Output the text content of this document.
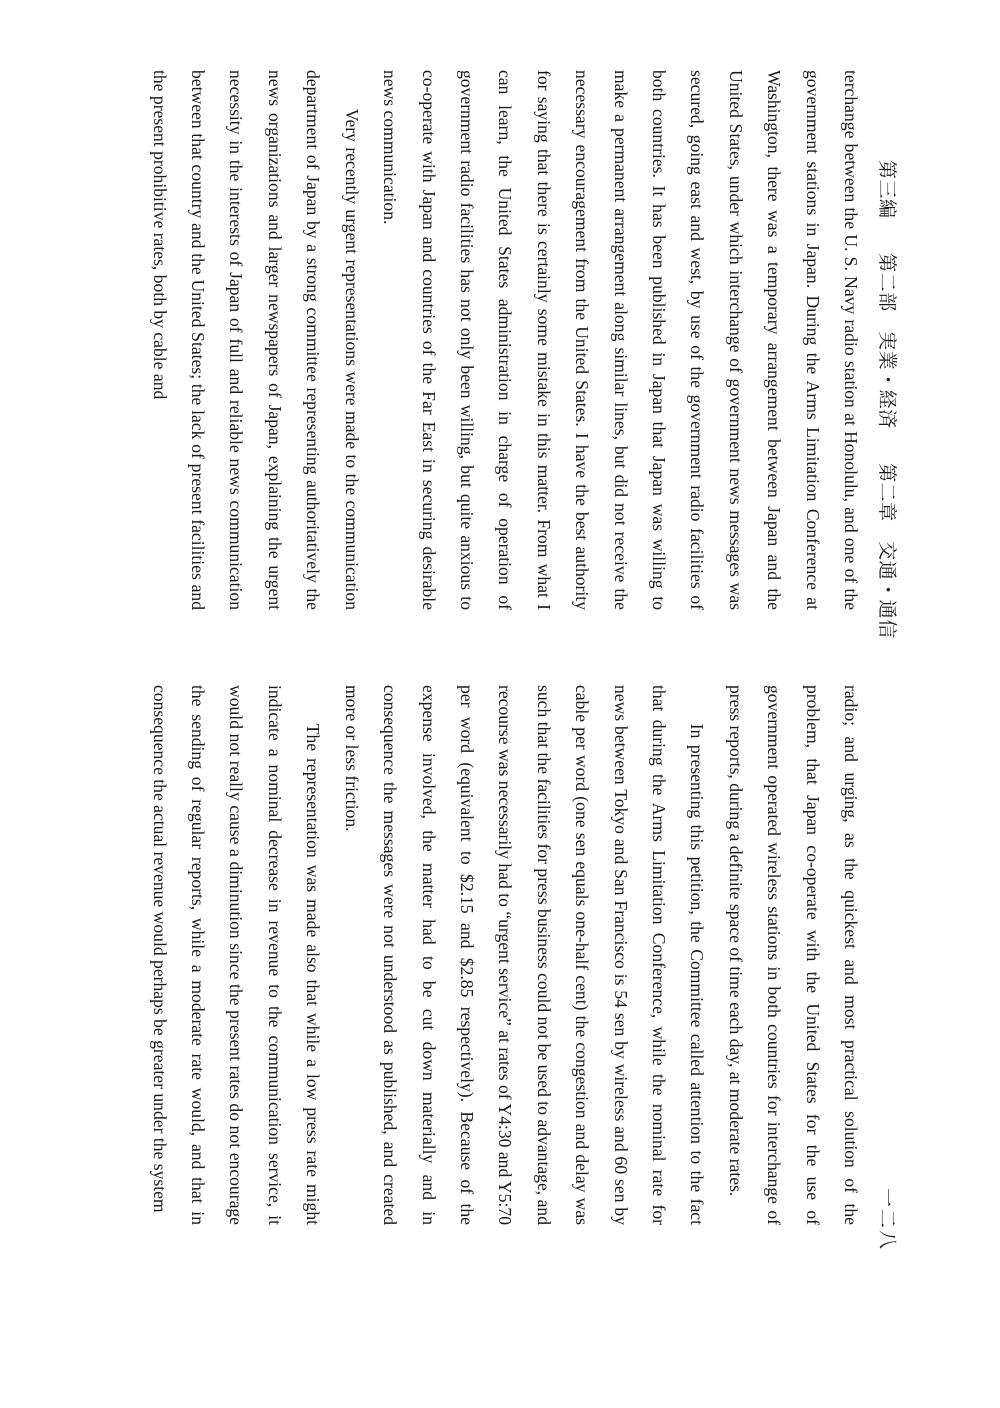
第三編 第二部　実業・経済 第二章　交通・通信
一二八

terchange between the U. S. Navy radio station at Honolulu, and one of the government stations in Japan. During the Arms Limitation Conference at Washington, there was a temporary arrangement between Japan and the United States, under which interchange of government news messages was secured, going east and west, by use of the government radio facilities of both countries. It has been published in Japan that Japan was willing to make a permanent arrangement along similar lines, but did not receive the necessary encouragement from the United States. I have the best authority for saying that there is certainly some mistake in this matter. From what I can learn, the United States administration in charge of operation of government radio facilities has not only been willing, but quite anxious to co-operate with Japan and countries of the Far East in securing desirable news communication.

Very recently urgent representations were made to the communication department of Japan by a strong committee representing authoritatively the news organizations and larger newspapers of Japan, explaining the urgent necessity in the interests of Japan of full and reliable news communication between that country and the United States; the lack of present facilities and the present prohibitive rates, both by cable and

radio; and urging, as the quickest and most practical solution of the problem, that Japan co-operate with the United States for the use of government operated wireless stations in both countries for interchange of press reports, during a definite space of time each day, at moderate rates.

In presenting this petition, the Committee called attention to the fact that during the Arms Limitation Conference, while the nominal rate for news between Tokyo and San Francisco is 54 sen by wireless and 60 sen by cable per word (one sen equals one-half cent) the congestion and delay was such that the facilities for press business could not be used to advantage, and recourse was necessarily had to “urgent service” at rates of Y4:30 and Y5:70 per word (equivalent to $2.15 and $2.85 respectively). Because of the expense involved, the matter had to be cut down materially and in consequence the messages were not understood as published, and created more or less friction.

The representation was made also that while a low press rate might indicate a nominal decrease in revenue to the communication service, it would not really cause a diminution since the present rates do not encourage the sending of regular reports, while a moderate rate would, and that in consequence the actual revenue would perhaps be greater under the system
